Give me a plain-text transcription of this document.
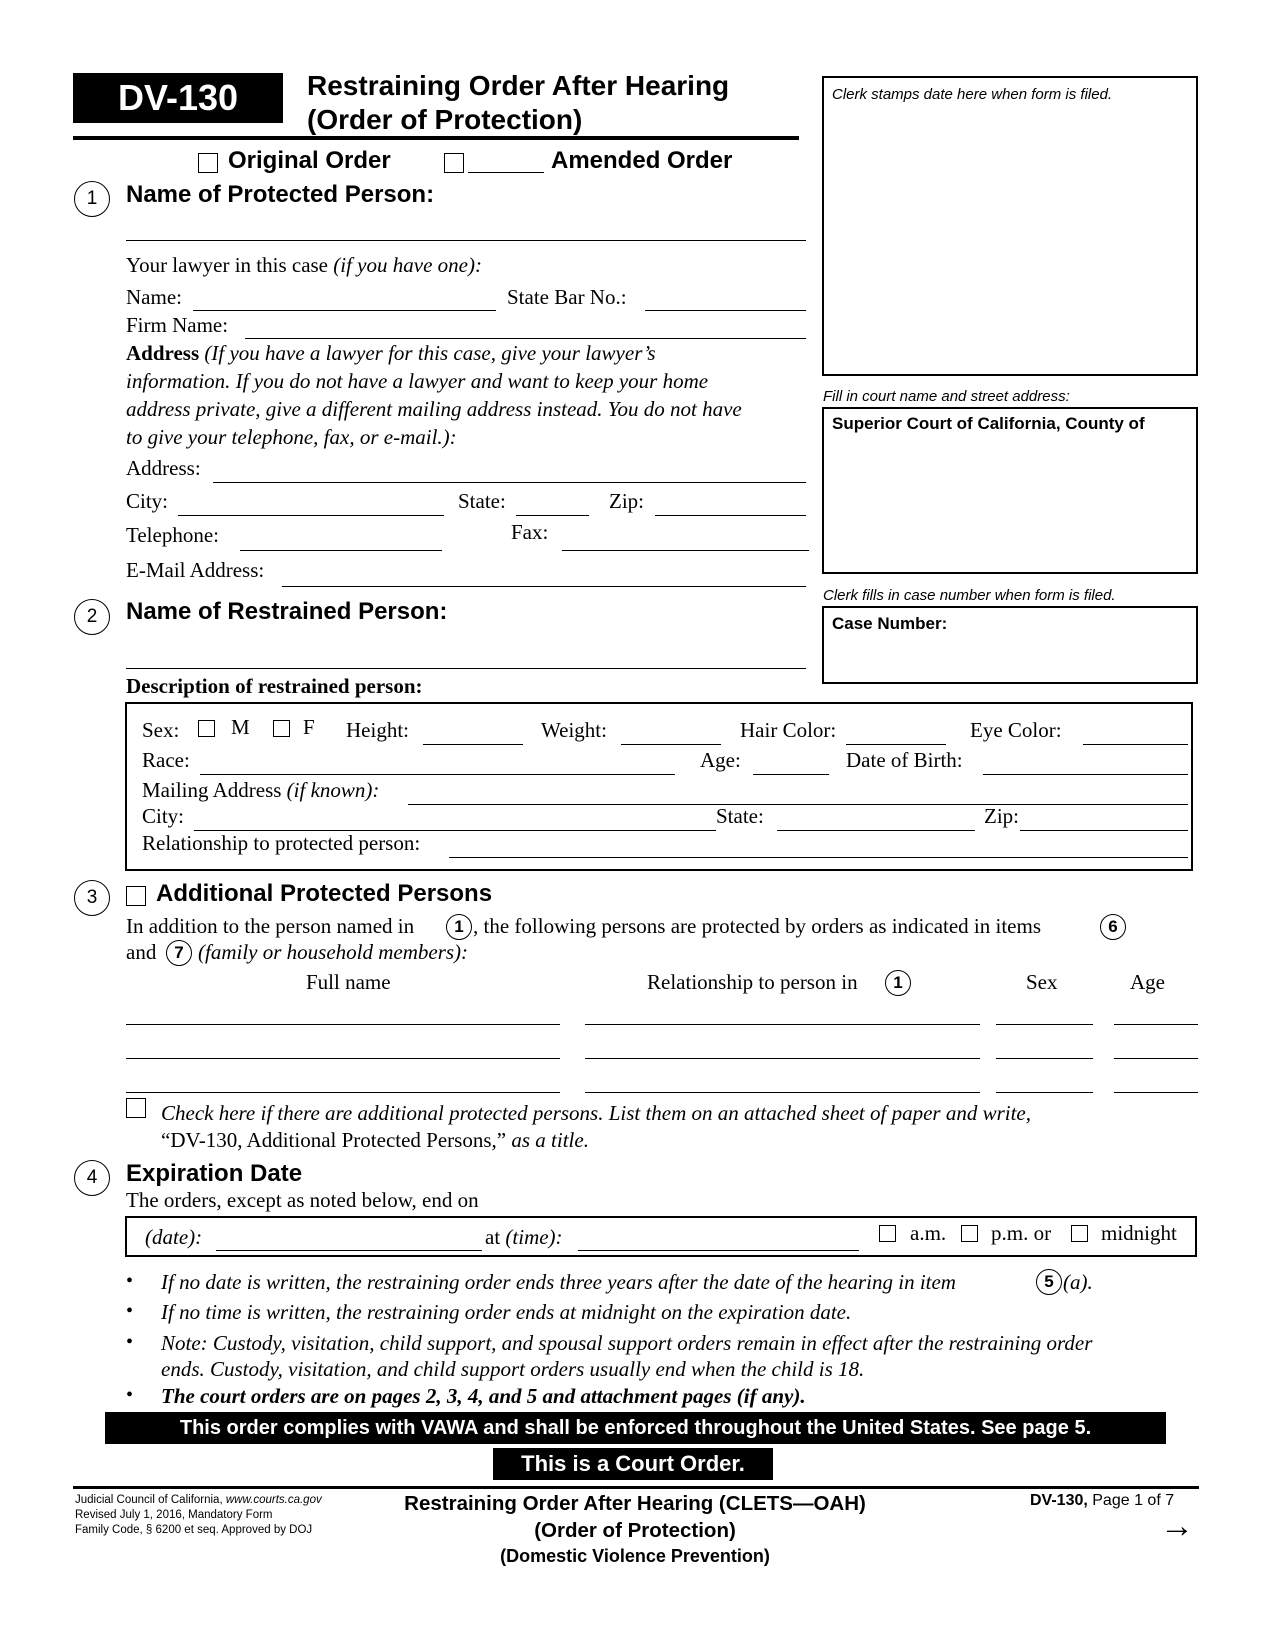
DV-130 Restraining Order After Hearing
(Order of Protection)
Original Order	Amended Order
Clerk stamps date here when form is filed.
Fill in court name and street address:
Superior Court of California, County of
Clerk fills in case number when form is filed.
Case Number:
1	Name of Protected Person:
Your lawyer in this case (if you have one):
Name:	State Bar No.:
Firm Name:
Address (If you have a lawyer for this case, give your lawyer’s
information. If you do not have a lawyer and want to keep your home
address private, give a different mailing address instead. You do not have
to give your telephone, fax, or e-mail.):
Address:
City:	State:	Zip:
Telephone:	Fax:
E-Mail Address:
2	Name of Restrained Person:
Description of restrained person:
Sex: M	F Height:	Weight:	Hair Color:	Eye Color:
Race:	Age:	Date of Birth:
Mailing Address (if known):
City:	State:	Zip:
Relationship to protected person:
3	Additional Protected Persons
In addition to the person named in	1 , the following persons are protected by orders as indicated in items	6
and	7 (family or household members):
Full name	Relationship to person in	1	Sex	Age
Check here if there are additional protected persons. List them on an attached sheet of paper and write,
“DV-130, Additional Protected Persons,” as a title.
4	Expiration Date
The orders, except as noted below, end on
(date):	at (time):	a.m. p.m. or midnight
• If no date is written, the restraining order ends three years after the date of the hearing in item	5 (a).
• If no time is written, the restraining order ends at midnight on the expiration date.
• Note: Custody, visitation, child support, and spousal support orders remain in effect after the restraining order
ends. Custody, visitation, and child support orders usually end when the child is 18.
• The court orders are on pages 2, 3, 4, and 5 and attachment pages (if any).
This order complies with VAWA and shall be enforced throughout the United States. See page 5.
This is a Court Order.
Judicial Council of California, www.courts.ca.gov
Revised July 1, 2016, Mandatory Form
Family Code, § 6200 et seq. Approved by DOJ
Restraining Order After Hearing (CLETS—OAH)
(Order of Protection)
(Domestic Violence Prevention)
DV-130, Page 1 of 7
→
